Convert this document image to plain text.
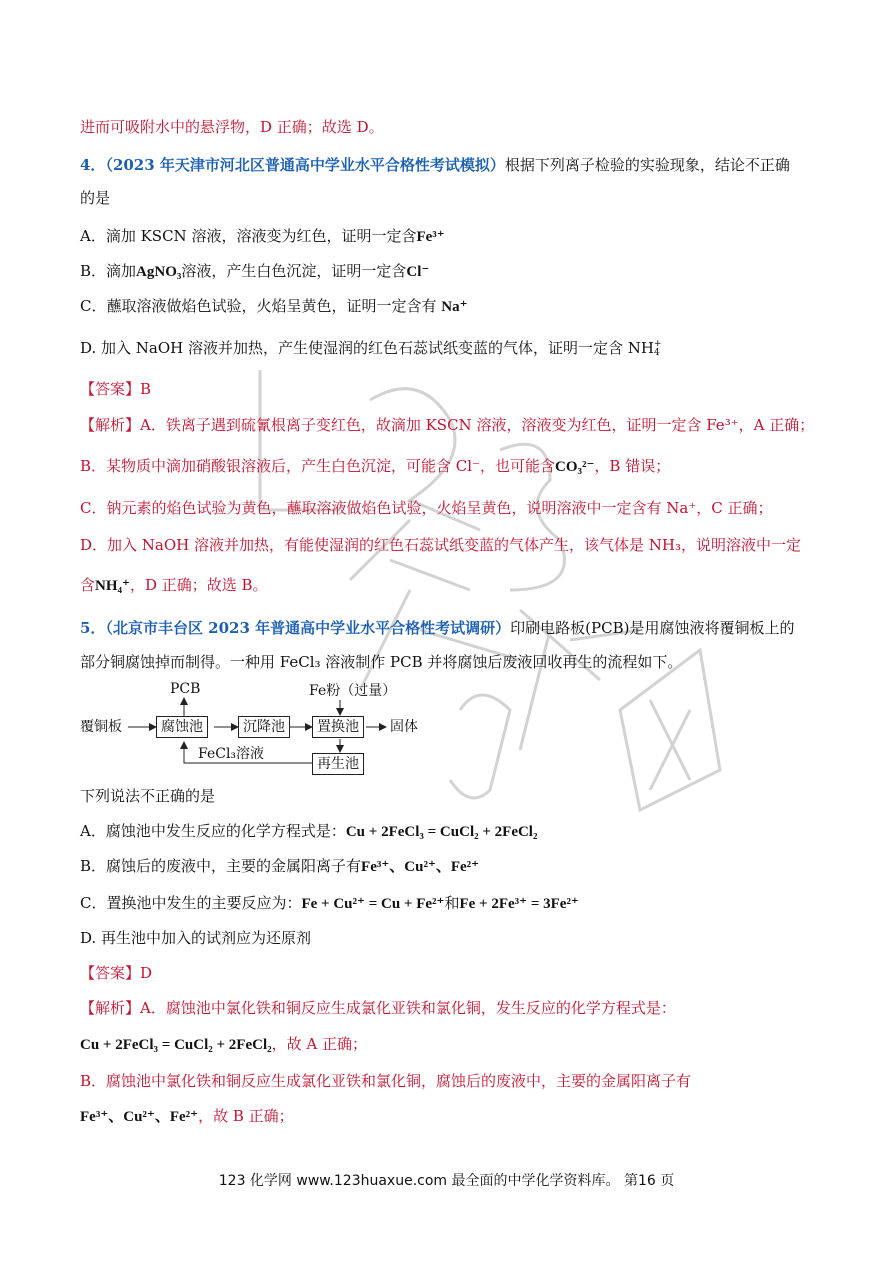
进而可吸附水中的悬浮物，D 正确；故选 D。
4．（2023 年天津市河北区普通高中学业水平合格性考试模拟）根据下列离子检验的实验现象，结论不正确
的是
A．滴加 KSCN 溶液，溶液变为红色，证明一定含Fe³⁺
B．滴加AgNO₃溶液，产生白色沉淀，证明一定含Cl⁻
C．蘸取溶液做焰色试验，火焰呈黄色，证明一定含有 Na⁺
D. 加入 NaOH 溶液并加热，产生使湿润的红色石蕊试纸变蓝的气体，证明一定含 NH +
4
【答案】B
【解析】A．铁离子遇到硫氰根离子变红色，故滴加 KSCN 溶液，溶液变为红色，证明一定含 Fe³⁺，A 正确；
B．某物质中滴加硝酸银溶液后，产生白色沉淀，可能含 Cl⁻，也可能含CO₃²⁻，B 错误；
C．钠元素的焰色试验为黄色，蘸取溶液做焰色试验，火焰呈黄色，说明溶液中一定含有 Na⁺，C 正确；
D．加入 NaOH 溶液并加热，有能使湿润的红色石蕊试纸变蓝的气体产生，该气体是 NH₃，说明溶液中一定
含NH₄⁺，D 正确；故选 B。
5．（北京市丰台区 2023 年普通高中学业水平合格性考试调研）印刷电路板(PCB)是用腐蚀液将覆铜板上的
部分铜腐蚀掉而制得。一种用 FeCl₃ 溶液制作 PCB 并将腐蚀后废液回收再生的流程如下。
覆铜板	腐蚀池	沉降池	置换池
再生池
PCB	Fe粉（过量）
固体
FeCl₃溶液
下列说法不正确的是
A．腐蚀池中发生反应的化学方程式是：Cu + 2FeCl₃ = CuCl₂ + 2FeCl₂
B．腐蚀后的废液中，主要的金属阳离子有Fe³⁺、Cu²⁺、Fe²⁺
C．置换池中发生的主要反应为：Fe + Cu²⁺ = Cu + Fe²⁺和Fe + 2Fe³⁺ = 3Fe²⁺
D. 再生池中加入的试剂应为还原剂
【答案】D
【解析】A．腐蚀池中氯化铁和铜反应生成氯化亚铁和氯化铜，发生反应的化学方程式是：
Cu + 2FeCl₃ = CuCl₂ + 2FeCl₂，故 A 正确；
B．腐蚀池中氯化铁和铜反应生成氯化亚铁和氯化铜，腐蚀后的废液中，主要的金属阳离子有
Fe³⁺、Cu²⁺、Fe²⁺，故 B 正确；
123 化学网 www.123huaxue.com 最全面的中学化学资料库。 第16 页
